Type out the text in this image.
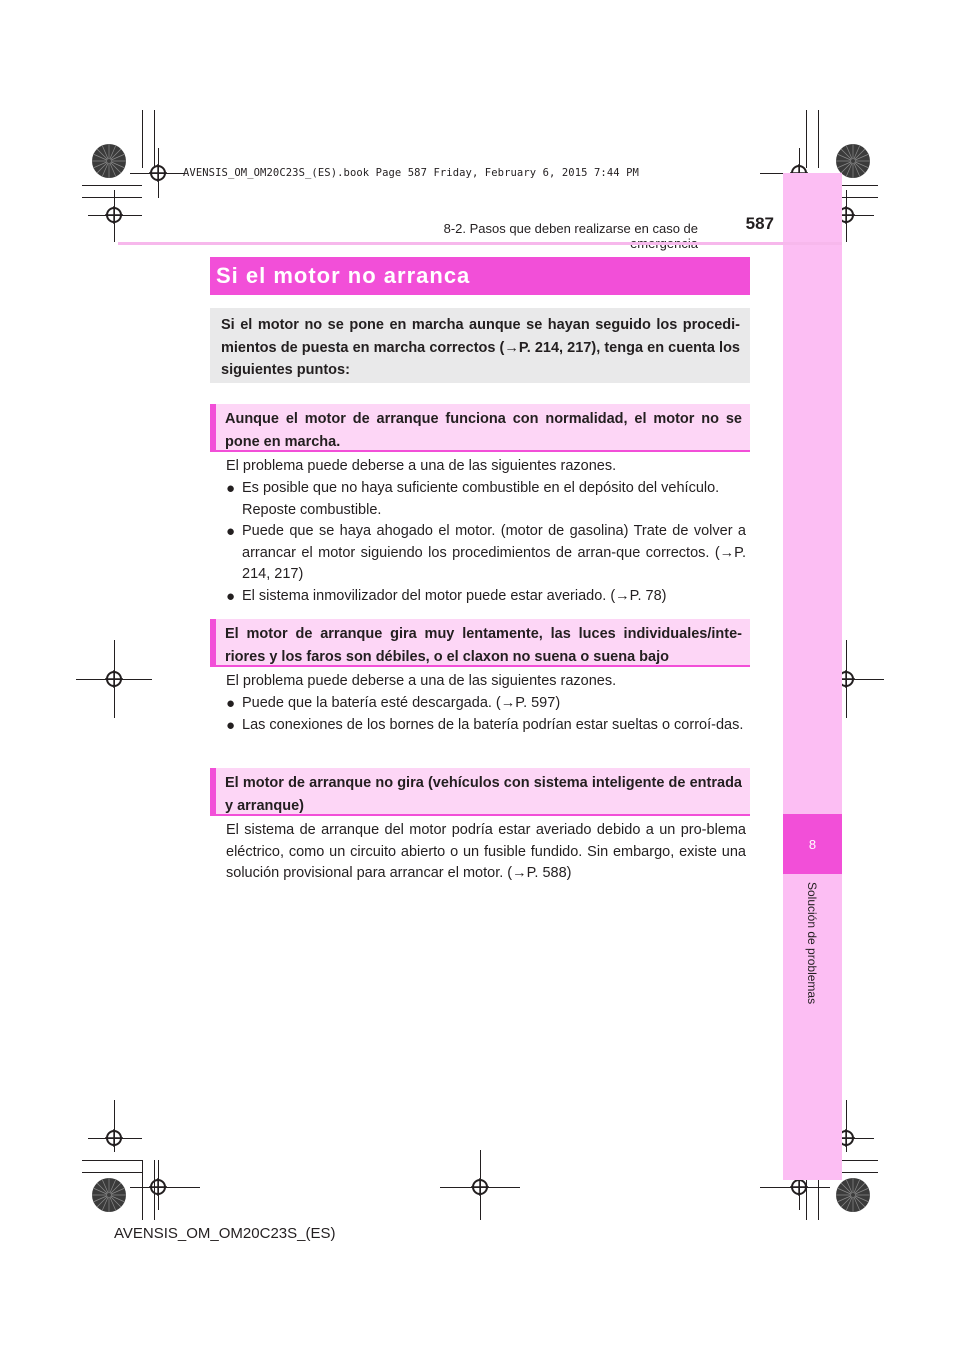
AVENSIS_OM_OM20C23S_(ES).book Page 587 Friday, February 6, 2015 7:44 PM
8
Solución de problemas
8-2. Pasos que deben realizarse en caso de	587
Si el motor no arranca
Si el motor no se pone en marcha aunque se hayan seguido los procedi-mientos de puesta en marcha correctos (→P. 214, 217), tenga en cuenta los siguientes puntos:
Aunque el motor de arranque funciona con normalidad, el motor no se pone en marcha.
El problema puede deberse a una de las siguientes razones.
● Es posible que no haya suficiente combustible en el depósito del vehículo. Reposte combustible.
● Puede que se haya ahogado el motor. (motor de gasolina) Trate de volver a arrancar el motor siguiendo los procedimientos de arran-que correctos. (→P. 214, 217)
● El sistema inmovilizador del motor puede estar averiado. (→P. 78)
El motor de arranque gira muy lentamente, las luces individuales/inte-riores y los faros son débiles, o el claxon no suena o suena bajo
El problema puede deberse a una de las siguientes razones.
● Puede que la batería esté descargada. (→P. 597)
● Las conexiones de los bornes de la batería podrían estar sueltas o corroí-das.
El motor de arranque no gira (vehículos con sistema inteligente de entrada y arranque)
El sistema de arranque del motor podría estar averiado debido a un pro-blema eléctrico, como un circuito abierto o un fusible fundido. Sin embargo, existe una solución provisional para arrancar el motor. (→P. 588)
AVENSIS_OM_OM20C23S_(ES)
